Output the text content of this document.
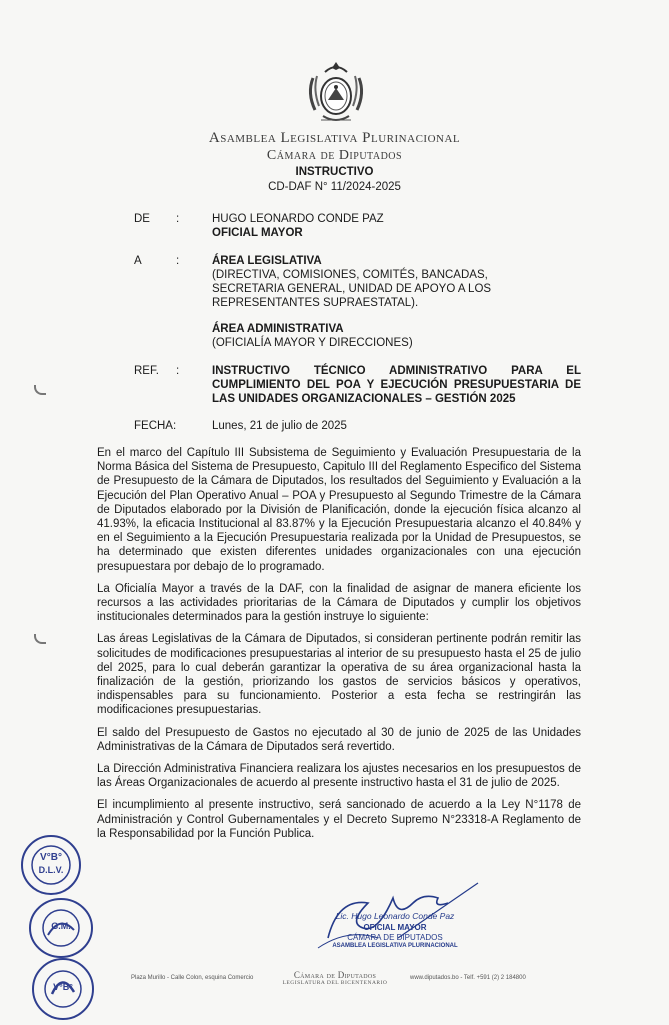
Asamblea Legislativa Plurinacional
Cámara de Diputados
INSTRUCTIVO
CD-DAF N° 11/2024-2025
DE :	HUGO LEONARDO CONDE PAZ
OFICIAL MAYOR
A	:	ÁREA LEGISLATIVA
(DIRECTIVA, COMISIONES, COMITÉS, BANCADAS,
SECRETARIA GENERAL, UNIDAD DE APOYO A LOS
REPRESENTANTES SUPRAESTATAL).
ÁREA ADMINISTRATIVA
(OFICIALÍA MAYOR Y DIRECCIONES)
REF. :	INSTRUCTIVO TÉCNICO ADMINISTRATIVO PARA EL CUMPLIMIENTO DEL POA Y EJECUCIÓN PRESUPUESTARIA DE LAS UNIDADES ORGANIZACIONALES – GESTIÓN 2025
FECHA:	Lunes, 21 de julio de 2025

En el marco del Capítulo III Subsistema de Seguimiento y Evaluación Presupuestaria de la Norma Básica del Sistema de Presupuesto, Capitulo III del Reglamento Especifico del Sistema de Presupuesto de la Cámara de Diputados, los resultados del Seguimiento y Evaluación a la Ejecución del Plan Operativo Anual – POA y Presupuesto al Segundo Trimestre de la Cámara de Diputados elaborado por la División de Planificación, donde la ejecución física alcanzo al 41.93%, la eficacia Institucional al 83.87% y la Ejecución Presupuestaria alcanzo el 40.84% y en el Seguimiento a la Ejecución Presupuestaria realizada por la Unidad de Presupuestos, se ha determinado que existen diferentes unidades organizacionales con una ejecución presupuestara por debajo de lo programado.

La Oficialía Mayor a través de la DAF, con la finalidad de asignar de manera eficiente los recursos a las actividades prioritarias de la Cámara de Diputados y cumplir los objetivos institucionales determinados para la gestión instruye lo siguiente:

Las áreas Legislativas de la Cámara de Diputados, si consideran pertinente podrán remitir las solicitudes de modificaciones presupuestarias al interior de su presupuesto hasta el 25 de julio del 2025, para lo cual deberán garantizar la operativa de su área organizacional hasta la finalización de la gestión, priorizando los gastos de servicios básicos y operativos, indispensables para su funcionamiento. Posterior a esta fecha se restringirán las modificaciones presupuestarias.

El saldo del Presupuesto de Gastos no ejecutado al 30 de junio de 2025 de las Unidades Administrativas de la Cámara de Diputados será revertido.

La Dirección Administrativa Financiera realizara los ajustes necesarios en los presupuestos de las Áreas Organizacionales de acuerdo al presente instructivo hasta el 31 de julio de 2025.

El incumplimiento al presente instructivo, será sancionado de acuerdo a la Ley N°1178 de Administración y Control Gubernamentales y el Decreto Supremo N°23318-A Reglamento de la Responsabilidad por la Función Publica.

Lic. Hugo Leonardo Conde Paz
OFICIAL MAYOR
CÁMARA DE DIPUTADOS
ASAMBLEA LEGISLATIVA PLURINACIONAL
V°B°
D.L.V.
G.M.
V°B°
Plaza Murillo - Calle Colon, esquina Comercio	Cámara de Diputados
LEGISLATURA DEL BICENTENARIO
www.diputados.bo - Telf. +591 (2) 2 184800
